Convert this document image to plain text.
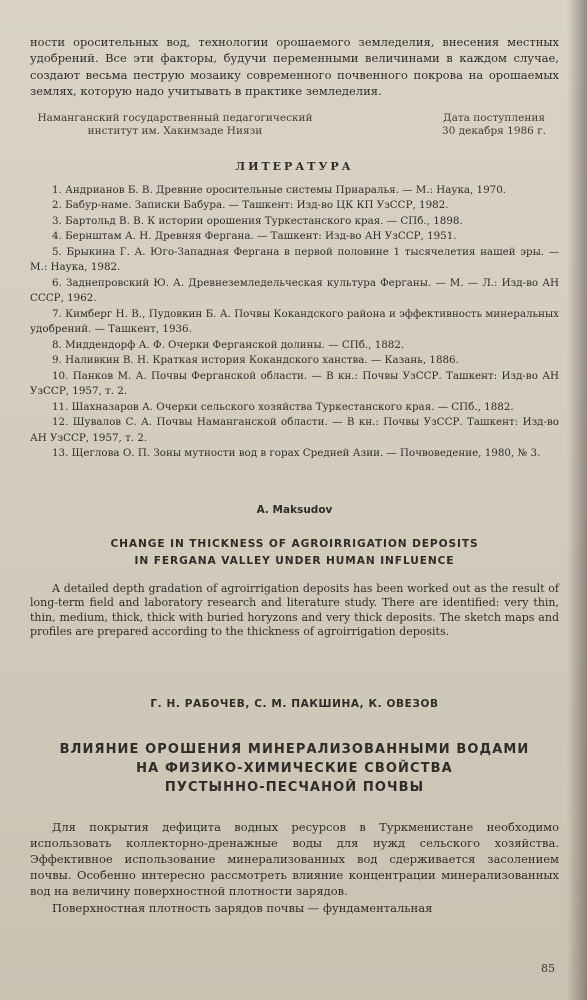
ности оросительных вод, технологии орошаемого земледелия, внесения местных удобрений. Все эти факторы, будучи переменными величинами в каждом случае, создают весьма пеструю мозаику современного почвенного покрова на орошаемых землях, которую надо учитывать в практике земледелия.

Наманганский государственный педагогический
институт им. Хакимзаде Ниязи
Дата поступления
30 декабря 1986 г.
ЛИТЕРАТУРА

1. Андрианов Б. В. Древние оросительные системы Приаралья. — М.: Наука, 1970.

2. Бабур-наме. Записки Бабура. — Ташкент: Изд-во ЦК КП УзССР, 1982.

3. Бартольд В. В. К истории орошения Туркестанского края. — СПб., 1898.

4. Бернштам А. Н. Древняя Фергана. — Ташкент: Изд-во АН УзССР, 1951.

5. Брыкина Г. А. Юго-Западная Фергана в первой половине 1 тысячелетия нашей эры. — М.: Наука, 1982.

6. Заднепровский Ю. А. Древнеземледельческая культура Ферганы. — М. — Л.: Изд-во АН СССР, 1962.

7. Кимберг Н. В., Пудовкин Б. А. Почвы Кокандского района и эффективность минеральных удобрений. — Ташкент, 1936.

8. Миддендорф А. Ф. Очерки Ферганской долины. — СПб., 1882.

9. Наливкин В. Н. Краткая история Кокандского ханства. — Казань, 1886.

10. Панков М. А. Почвы Ферганской области. — В кн.: Почвы УзССР. Ташкент: Изд-во АН УзССР, 1957, т. 2.

11. Шахназаров А. Очерки сельского хозяйства Туркестанского края. — СПб., 1882.

12. Шувалов С. А. Почвы Наманганской области. — В кн.: Почвы УзССР. Ташкент: Изд-во АН УзССР, 1957, т. 2.

13. Щеглова О. П. Зоны мутности вод в горах Средней Азии. — Почвоведение, 1980, № 3.

A. Maksudov
CHANGE IN THICKNESS OF AGROIRRIGATION DEPOSITS
IN FERGANA VALLEY UNDER HUMAN INFLUENCE

A detailed depth gradation of agroirrigation deposits has been worked out as the result of long-term field and laboratory research and literature study. There are identified: very thin, thin, medium, thick, thick with buried horyzons and very thick deposits. The sketch maps and profiles are prepared according to the thickness of agroirrigation deposits.

Г. Н. РАБОЧЕВ, С. М. ПАКШИНА, К. ОВЕЗОВ
ВЛИЯНИЕ ОРОШЕНИЯ МИНЕРАЛИЗОВАННЫМИ ВОДАМИ
НА ФИЗИКО-ХИМИЧЕСКИЕ СВОЙСТВА
ПУСТЫННО-ПЕСЧАНОЙ ПОЧВЫ

Для покрытия дефицита водных ресурсов в Туркменистане необходимо использовать коллекторно-дренажные воды для нужд сельского хозяйства. Эффективное использование минерализованных вод сдерживается засолением почвы. Особенно интересно рассмотреть влияние концентрации минерализованных вод на величину поверхностной плотности зарядов.

Поверхностная плотность зарядов почвы — фундаментальная

85
